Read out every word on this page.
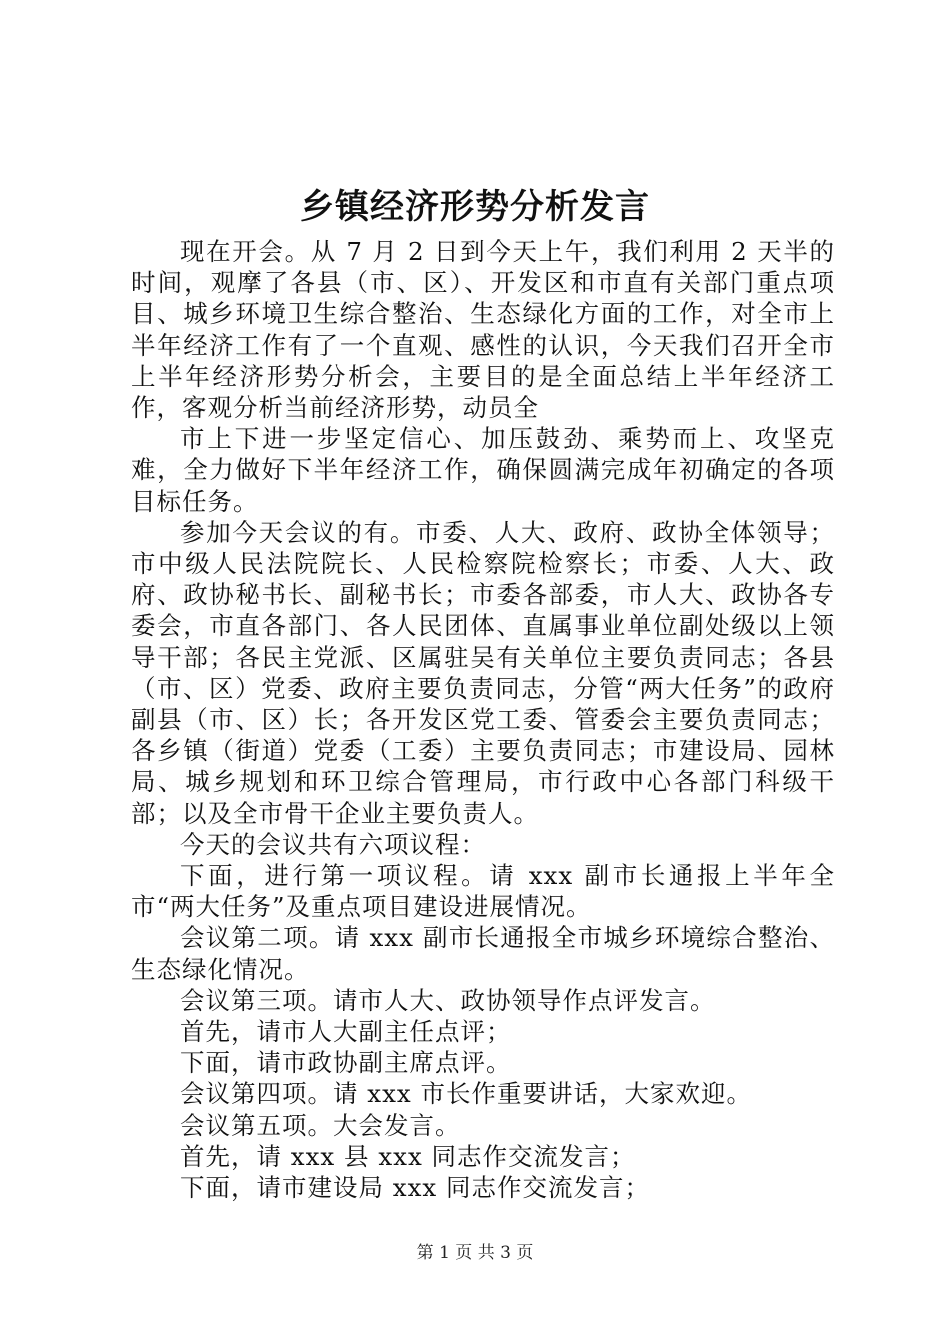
乡镇经济形势分析发言

现在开会。从 7 月 2 日到今天上午，我们利用 2 天半的时间，观摩了各县（市、区）、开发区和市直有关部门重点项目、城乡环境卫生综合整治、生态绿化方面的工作，对全市上半年经济工作有了一个直观、感性的认识，今天我们召开全市上半年经济形势分析会，主要目的是全面总结上半年经济工作，客观分析当前经济形势，动员全

市上下进一步坚定信心、加压鼓劲、乘势而上、攻坚克难，全力做好下半年经济工作，确保圆满完成年初确定的各项目标任务。

参加今天会议的有。市委、人大、政府、政协全体领导；市中级人民法院院长、人民检察院检察长；市委、人大、政府、政协秘书长、副秘书长；市委各部委，市人大、政协各专委会，市直各部门、各人民团体、直属事业单位副处级以上领导干部；各民主党派、区属驻吴有关单位主要负责同志；各县（市、区）党委、政府主要负责同志，分管“两大任务”的政府副县（市、区）长；各开发区党工委、管委会主要负责同志；各乡镇（街道）党委（工委）主要负责同志；市建设局、园林局、城乡规划和环卫综合管理局，市行政中心各部门科级干部；以及全市骨干企业主要负责人。

今天的会议共有六项议程：

下面，进行第一项议程。请 xxx 副市长通报上半年全市“两大任务”及重点项目建设进展情况。

会议第二项。请 xxx 副市长通报全市城乡环境综合整治、生态绿化情况。

会议第三项。请市人大、政协领导作点评发言。

首先，请市人大副主任点评；

下面，请市政协副主席点评。

会议第四项。请 xxx 市长作重要讲话，大家欢迎。

会议第五项。大会发言。

首先，请 xxx 县 xxx 同志作交流发言；

下面，请市建设局 xxx 同志作交流发言；

第 1 页 共 3 页
